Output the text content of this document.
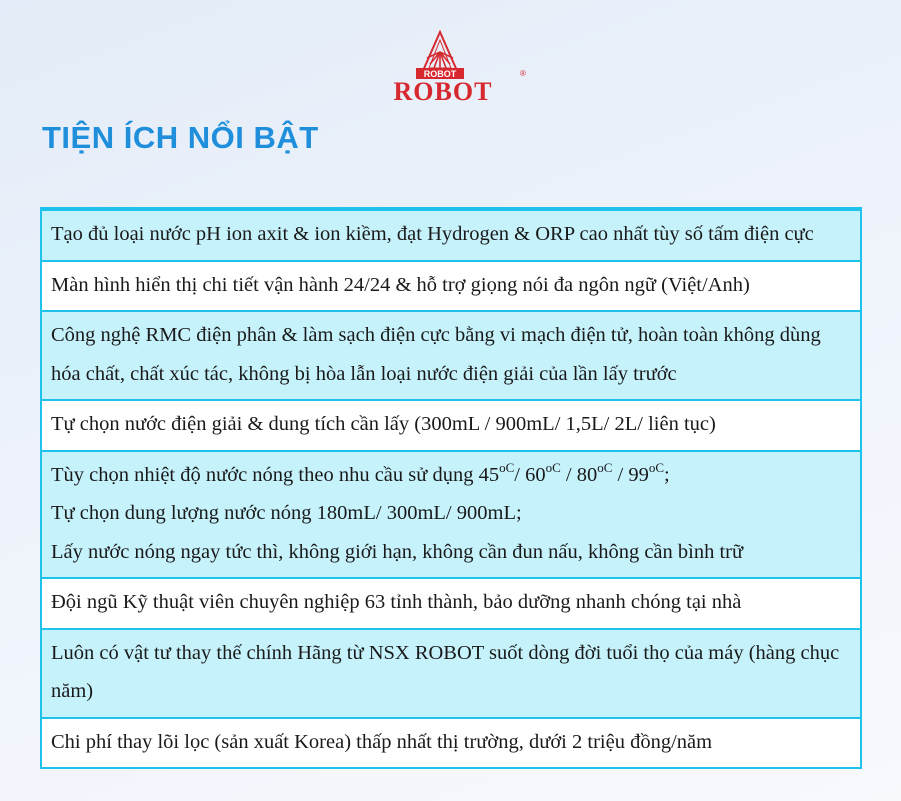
ROBOT
ROBOT
®
TIỆN ÍCH NỔI BẬT
Tạo đủ loại nước pH ion axit & ion kiềm, đạt Hydrogen & ORP cao nhất tùy số tấm điện cực
Màn hình hiển thị chi tiết vận hành 24/24 & hỗ trợ giọng nói đa ngôn ngữ (Việt/Anh)
Công nghệ RMC điện phân & làm sạch điện cực bằng vi mạch điện tử, hoàn toàn không dùng hóa chất, chất xúc tác, không bị hòa lẫn loại nước điện giải của lần lấy trước
Tự chọn nước điện giải & dung tích cần lấy (300mL / 900mL/ 1,5L/ 2L/ liên tục)

Tùy chọn nhiệt độ nước nóng theo nhu cầu sử dụng $45^{oC}/$ $60^{oC} / 80^{oC} / 99^{oC}$;
Tự chọn dung lượng nước nóng 180mL/ 300mL/ 900mL;
Lấy nước nóng ngay tức thì, không giới hạn, không cần đun nấu, không cần bình trữ

Đội ngũ Kỹ thuật viên chuyên nghiệp 63 tỉnh thành, bảo dưỡng nhanh chóng tại nhà
Luôn có vật tư thay thế chính Hãng từ NSX ROBOT suốt dòng đời tuổi thọ của máy (hàng chục năm)
Chi phí thay lõi lọc (sản xuất Korea) thấp nhất thị trường, dưới 2 triệu đồng/năm
